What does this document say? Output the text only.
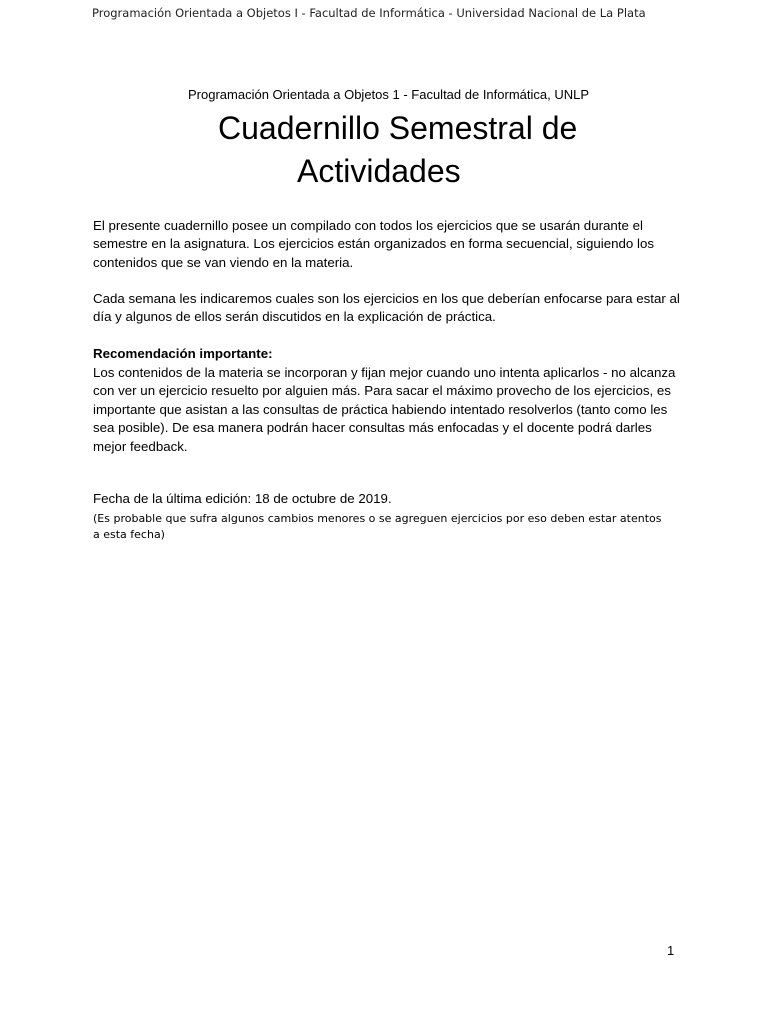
Programación Orientada a Objetos I - Facultad de Informática - Universidad Nacional de La Plata
Programación Orientada a Objetos 1 - Facultad de Informática, UNLP
Cuadernillo Semestral de
Actividades

El presente cuadernillo posee un compilado con todos los ejercicios que se usarán durante el semestre en la asignatura. Los ejercicios están organizados en forma secuencial, siguiendo los contenidos que se van viendo en la materia.

Cada semana les indicaremos cuales son los ejercicios en los que deberían enfocarse para estar al día y algunos de ellos serán discutidos en la explicación de práctica.

Recomendación importante:

Los contenidos de la materia se incorporan y fijan mejor cuando uno intenta aplicarlos - no alcanza con ver un ejercicio resuelto por alguien más. Para sacar el máximo provecho de los ejercicios, es importante que asistan a las consultas de práctica habiendo intentado resolverlos (tanto como les sea posible). De esa manera podrán hacer consultas más enfocadas y el docente podrá darles mejor feedback.

Fecha de la última edición: 18 de octubre de 2019.

(Es probable que sufra algunos cambios menores o se agreguen ejercicios por eso deben estar atentos a esta fecha)

1
